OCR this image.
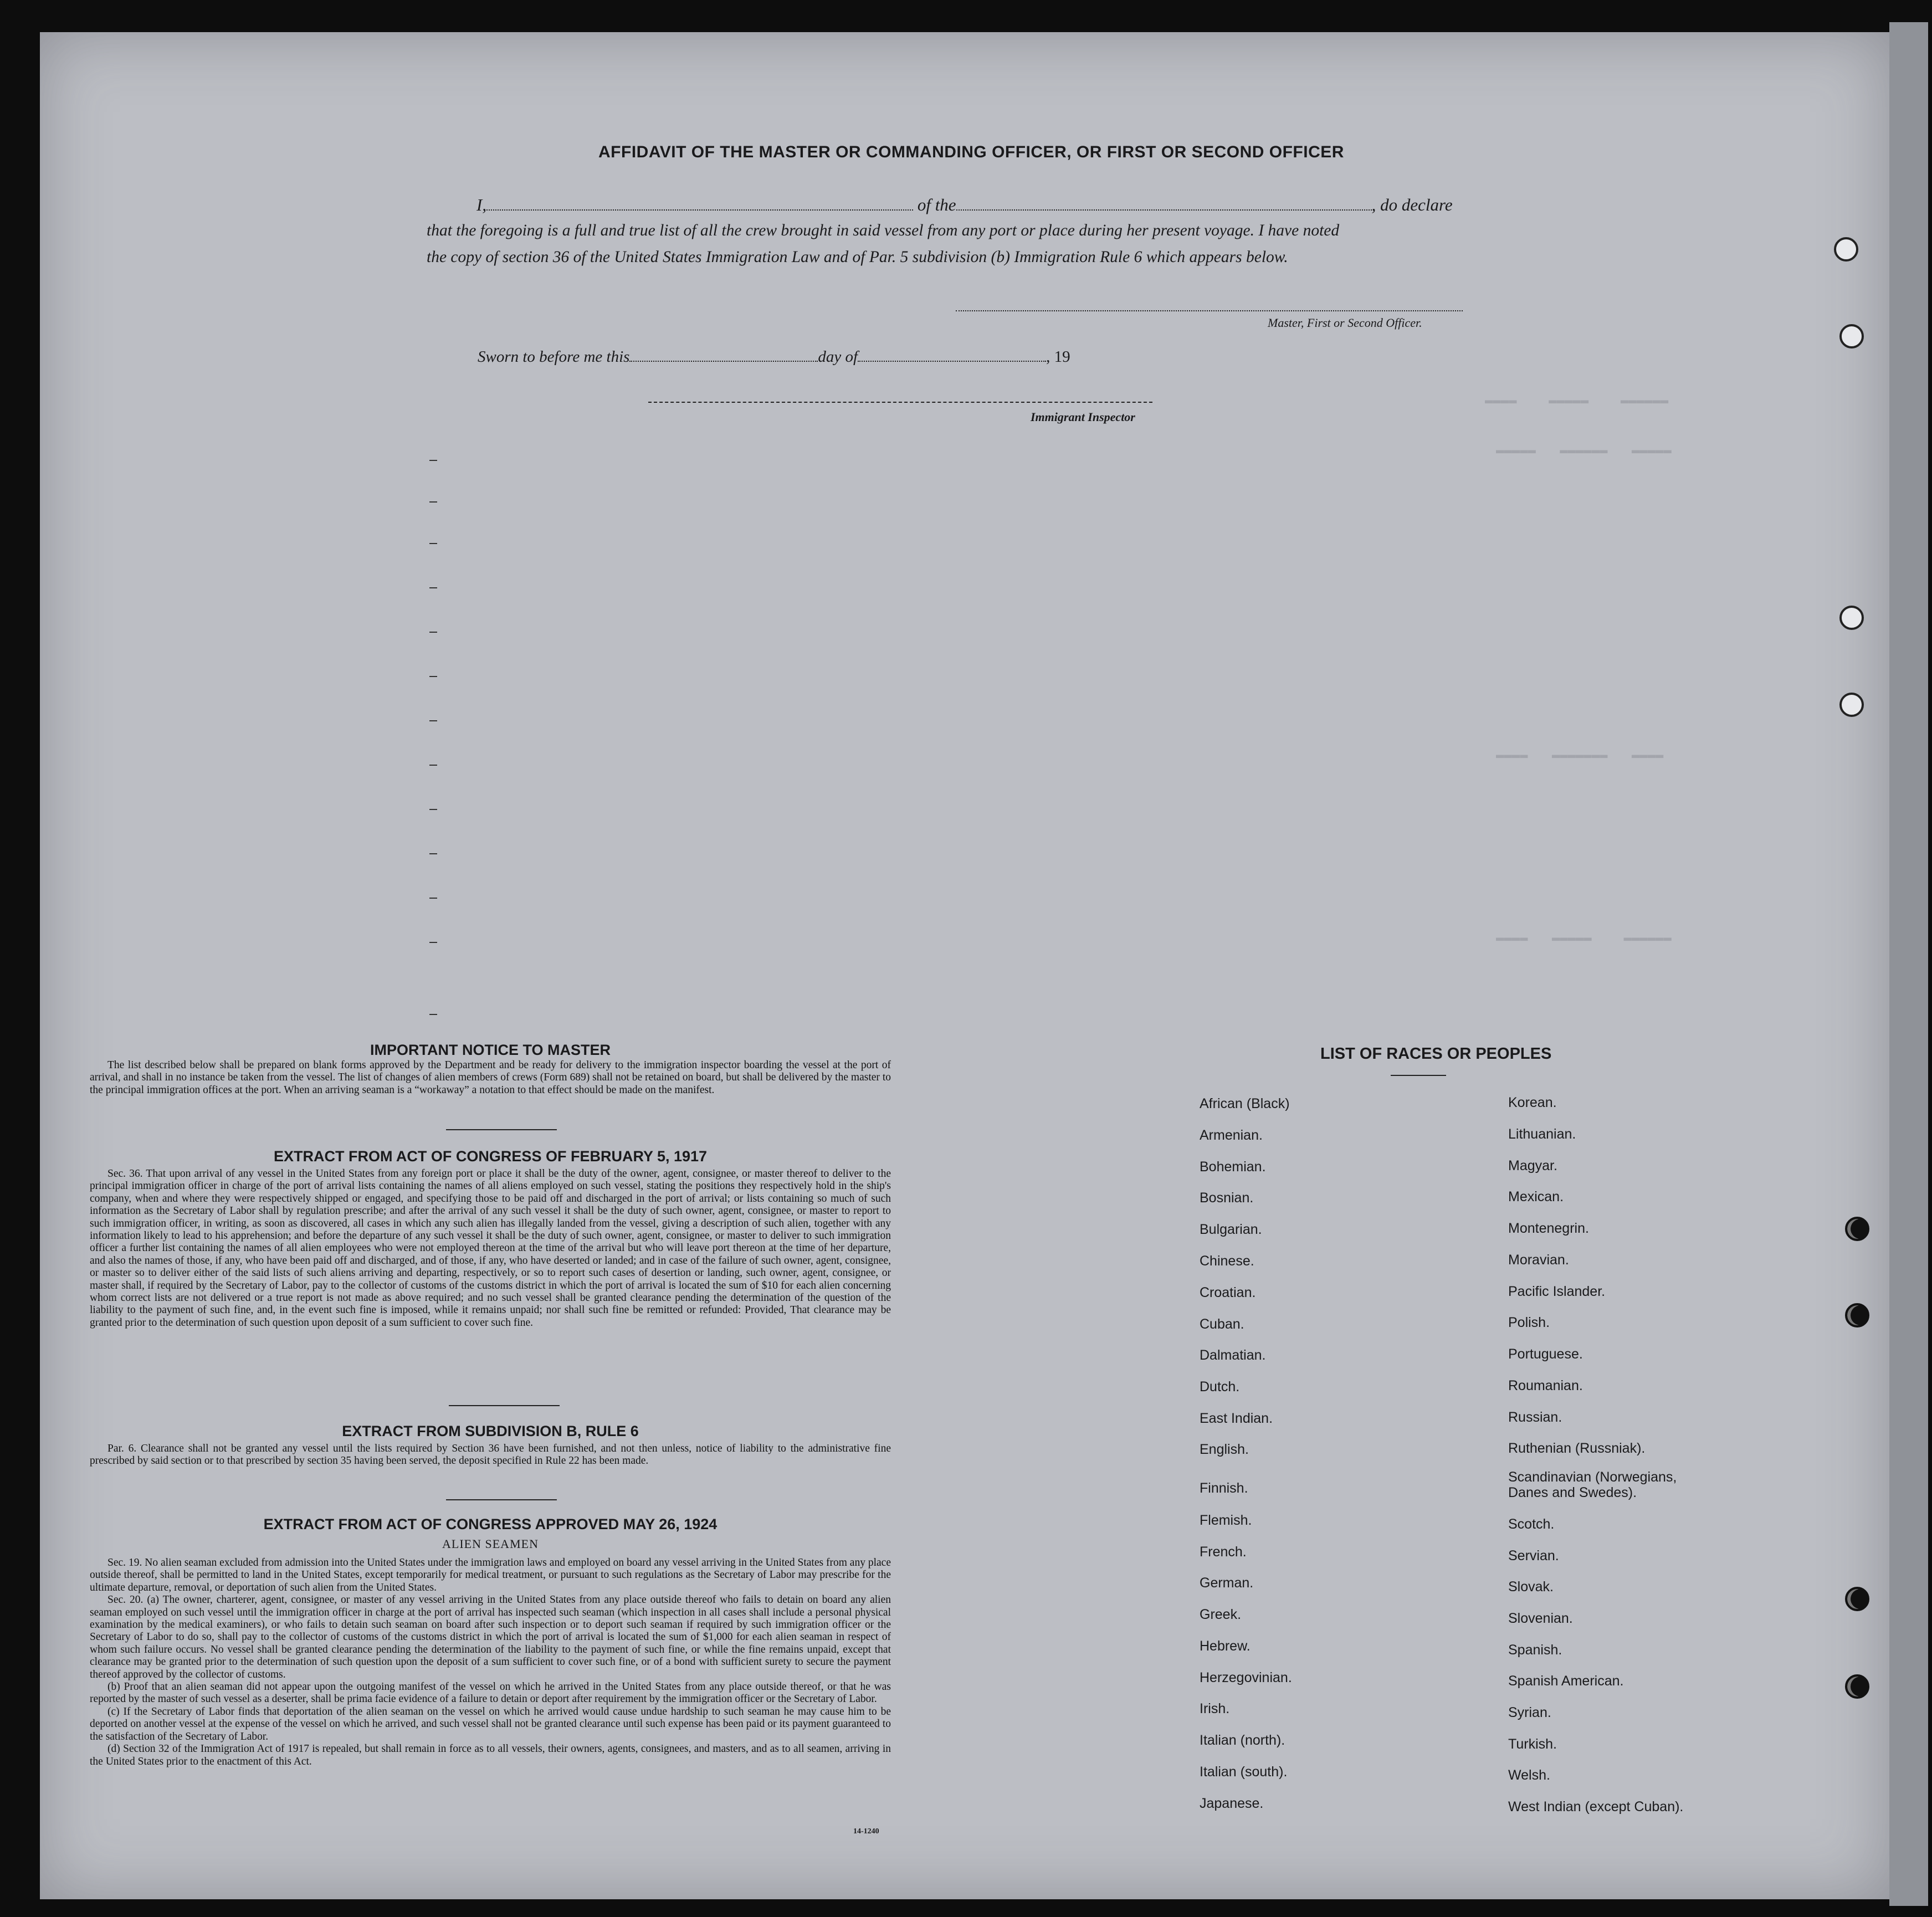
▬▬▬▬    ▬▬▬▬▬    ▬▬▬▬▬▬
▬▬▬▬▬   ▬▬▬▬▬▬   ▬▬▬▬▬
▬▬▬▬   ▬▬▬▬▬▬▬   ▬▬▬▬
▬▬▬▬   ▬▬▬▬▬    ▬▬▬▬▬▬
AFFIDAVIT OF THE MASTER OR COMMANDING OFFICER, OR FIRST OR SECOND OFFICER
I,	of the	, do declare
that the foregoing is a full and true list of all the crew brought in said vessel from any port or place during her present voyage. I have noted
the copy of section 36 of the United States Immigration Law and of Par. 5 subdivision (b) Immigration Rule 6 which appears below.
Master, First or Second Officer.
Sworn to before me this	day of	, 19
Immigrant Inspector
IMPORTANT NOTICE TO MASTER

The list described below shall be prepared on blank forms approved by the Department and be ready for delivery to the immigration inspector boarding the vessel at the port of arrival, and shall in no instance be taken from the vessel. The list of changes of alien members of crews (Form 689) shall not be retained on board, but shall be delivered by the master to the principal immigration offices at the port. When an arriving seaman is a “workaway” a notation to that effect should be made on the manifest.

EXTRACT FROM ACT OF CONGRESS OF FEBRUARY 5, 1917

Sec. 36. That upon arrival of any vessel in the United States from any foreign port or place it shall be the duty of the owner, agent, consignee, or master thereof to deliver to the principal immigration officer in charge of the port of arrival lists containing the names of all aliens employed on such vessel, stating the positions they respectively hold in the ship's company, when and where they were respectively shipped or engaged, and specifying those to be paid off and discharged in the port of arrival; or lists containing so much of such information as the Secretary of Labor shall by regulation prescribe; and after the arrival of any such vessel it shall be the duty of such owner, agent, consignee, or master to report to such immigration officer, in writing, as soon as discovered, all cases in which any such alien has illegally landed from the vessel, giving a description of such alien, together with any information likely to lead to his apprehension; and before the departure of any such vessel it shall be the duty of such owner, agent, consignee, or master to deliver to such immigration officer a further list containing the names of all alien employees who were not employed thereon at the time of the arrival but who will leave port thereon at the time of her departure, and also the names of those, if any, who have been paid off and discharged, and of those, if any, who have deserted or landed; and in case of the failure of such owner, agent, consignee, or master so to deliver either of the said lists of such aliens arriving and departing, respectively, or so to report such cases of desertion or landing, such owner, agent, consignee, or master shall, if required by the Secretary of Labor, pay to the collector of customs of the customs district in which the port of arrival is located the sum of $10 for each alien concerning whom correct lists are not delivered or a true report is not made as above required; and no such vessel shall be granted clearance pending the determination of the question of the liability to the payment of such fine, and, in the event such fine is imposed, while it remains unpaid; nor shall such fine be remitted or refunded: Provided, That clearance may be granted prior to the determination of such question upon deposit of a sum sufficient to cover such fine.

EXTRACT FROM SUBDIVISION B, RULE 6

Par. 6. Clearance shall not be granted any vessel until the lists required by Section 36 have been furnished, and not then unless, notice of liability to the administrative fine prescribed by said section or to that prescribed by section 35 having been served, the deposit specified in Rule 22 has been made.

EXTRACT FROM ACT OF CONGRESS APPROVED MAY 26, 1924
ALIEN SEAMEN

Sec. 19. No alien seaman excluded from admission into the United States under the immigration laws and employed on board any vessel arriving in the United States from any place outside thereof, shall be permitted to land in the United States, except temporarily for medical treatment, or pursuant to such regulations as the Secretary of Labor may prescribe for the ultimate departure, removal, or deportation of such alien from the United States.

Sec. 20. (a) The owner, charterer, agent, consignee, or master of any vessel arriving in the United States from any place outside thereof who fails to detain on board any alien seaman employed on such vessel until the immigration officer in charge at the port of arrival has inspected such seaman (which inspection in all cases shall include a personal physical examination by the medical examiners), or who fails to detain such seaman on board after such inspection or to deport such seaman if required by such immigration officer or the Secretary of Labor to do so, shall pay to the collector of customs of the customs district in which the port of arrival is located the sum of $1,000 for each alien seaman in respect of whom such failure occurs. No vessel shall be granted clearance pending the determination of the liability to the payment of such fine, or while the fine remains unpaid, except that clearance may be granted prior to the determination of such question upon the deposit of a sum sufficient to cover such fine, or of a bond with sufficient surety to secure the payment thereof approved by the collector of customs.

(b) Proof that an alien seaman did not appear upon the outgoing manifest of the vessel on which he arrived in the United States from any place outside thereof, or that he was reported by the master of such vessel as a deserter, shall be prima facie evidence of a failure to detain or deport after requirement by the immigration officer or the Secretary of Labor.

(c) If the Secretary of Labor finds that deportation of the alien seaman on the vessel on which he arrived would cause undue hardship to such seaman he may cause him to be deported on another vessel at the expense of the vessel on which he arrived, and such vessel shall not be granted clearance until such expense has been paid or its payment guaranteed to the satisfaction of the Secretary of Labor.

(d) Section 32 of the Immigration Act of 1917 is repealed, but shall remain in force as to all vessels, their owners, agents, consignees, and masters, and as to all seamen, arriving in the United States prior to the enactment of this Act.

14-1240
LIST OF RACES OR PEOPLES
African (Black)
Armenian.
Bohemian.
Bosnian.
Bulgarian.
Chinese.
Croatian.
Cuban.
Dalmatian.
Dutch.
East Indian.
English.
Finnish.
Flemish.
French.
German.
Greek.
Hebrew.
Herzegovinian.
Irish.
Italian (north).
Italian (south).
Japanese.
Korean.
Lithuanian.
Magyar.
Mexican.
Montenegrin.
Moravian.
Pacific Islander.
Polish.
Portuguese.
Roumanian.
Russian.
Ruthenian (Russniak).
Scandinavian (Norwegians,
Danes and Swedes).
Scotch.
Servian.
Slovak.
Slovenian.
Spanish.
Spanish American.
Syrian.
Turkish.
Welsh.
West Indian (except Cuban).
